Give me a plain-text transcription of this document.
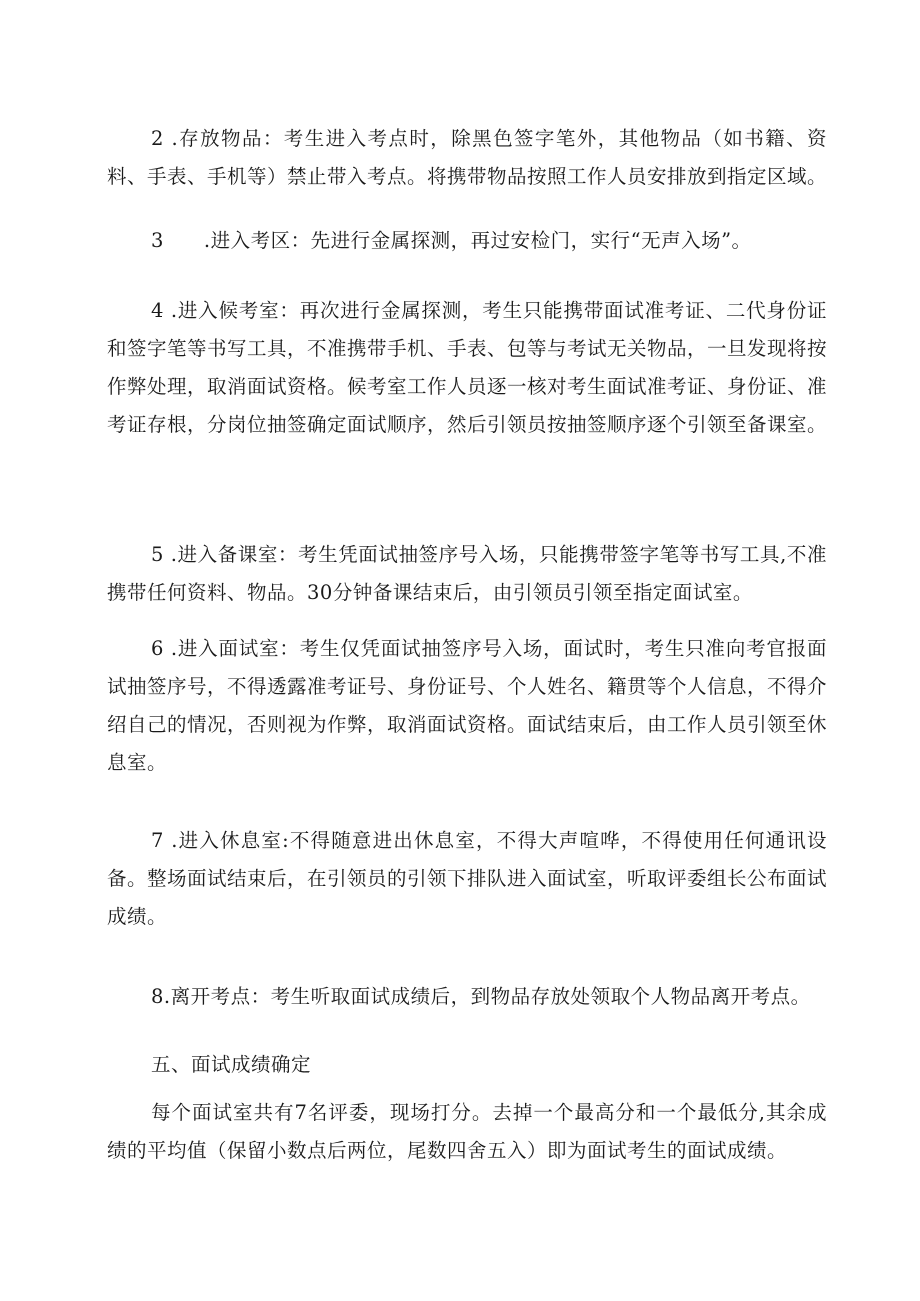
2 .存放物品：考生进入考点时，除黑色签字笔外，其他物品（如书籍、资料、手表、手机等）禁止带入考点。将携带物品按照工作人员安排放到指定区域。

3　　.进入考区：先进行金属探测，再过安检门，实行“无声入场”。

4 .进入候考室：再次进行金属探测，考生只能携带面试准考证、二代身份证和签字笔等书写工具，不准携带手机、手表、包等与考试无关物品，一旦发现将按作弊处理，取消面试资格。候考室工作人员逐一核对考生面试准考证、身份证、准考证存根，分岗位抽签确定面试顺序，然后引领员按抽签顺序逐个引领至备课室。

5 .进入备课室：考生凭面试抽签序号入场，只能携带签字笔等书写工具,不准携带任何资料、物品。30分钟备课结束后，由引领员引领至指定面试室。

6 .进入面试室：考生仅凭面试抽签序号入场，面试时，考生只准向考官报面试抽签序号，不得透露准考证号、身份证号、个人姓名、籍贯等个人信息，不得介绍自己的情况，否则视为作弊，取消面试资格。面试结束后，由工作人员引领至休息室。

7 .进入休息室:不得随意进出休息室，不得大声喧哗，不得使用任何通讯设备。整场面试结束后，在引领员的引领下排队进入面试室，听取评委组长公布面试成绩。

8.离开考点：考生听取面试成绩后，到物品存放处领取个人物品离开考点。

五、面试成绩确定

每个面试室共有7名评委，现场打分。去掉一个最高分和一个最低分,其余成绩的平均值（保留小数点后两位，尾数四舍五入）即为面试考生的面试成绩。
